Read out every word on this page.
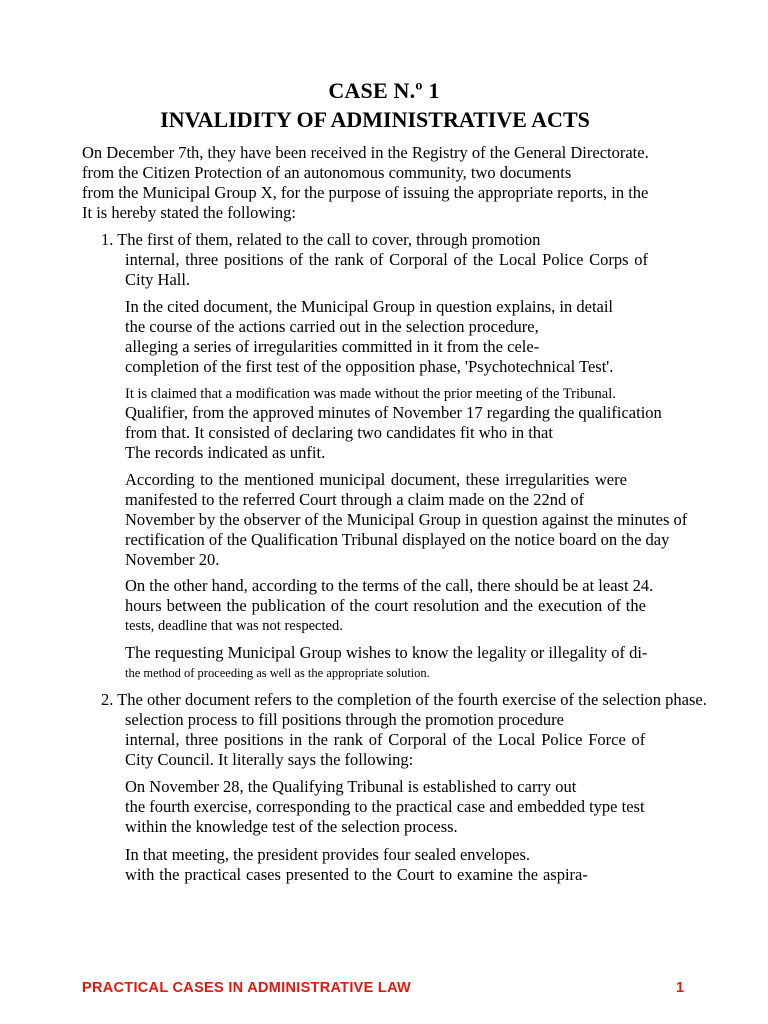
CASE N.º 1
INVALIDITY OF ADMINISTRATIVE ACTS
On December 7th, they have been received in the Registry of the General Directorate.
from the Citizen Protection of an autonomous community, two documents
from the Municipal Group X, for the purpose of issuing the appropriate reports, in the
It is hereby stated the following:
1. The first of them, related to the call to cover, through promotion
internal, three positions of the rank of Corporal of the Local Police Corps of
City Hall.
In the cited document, the Municipal Group in question explains, in detail
the course of the actions carried out in the selection procedure,
alleging a series of irregularities committed in it from the cele-
completion of the first test of the opposition phase, 'Psychotechnical Test'.
It is claimed that a modification was made without the prior meeting of the Tribunal.
Qualifier, from the approved minutes of November 17 regarding the qualification
from that. It consisted of declaring two candidates fit who in that
The records indicated as unfit.
According to the mentioned municipal document, these irregularities were
manifested to the referred Court through a claim made on the 22nd of
November by the observer of the Municipal Group in question against the minutes of
rectification of the Qualification Tribunal displayed on the notice board on the day
November 20.
On the other hand, according to the terms of the call, there should be at least 24.
hours between the publication of the court resolution and the execution of the
tests, deadline that was not respected.
The requesting Municipal Group wishes to know the legality or illegality of di-
the method of proceeding as well as the appropriate solution.
2. The other document refers to the completion of the fourth exercise of the selection phase.
selection process to fill positions through the promotion procedure
internal, three positions in the rank of Corporal of the Local Police Force of
City Council. It literally says the following:
On November 28, the Qualifying Tribunal is established to carry out
the fourth exercise, corresponding to the practical case and embedded type test
within the knowledge test of the selection process.
In that meeting, the president provides four sealed envelopes.
with the practical cases presented to the Court to examine the aspira-
PRACTICAL CASES IN ADMINISTRATIVE LAW	1
